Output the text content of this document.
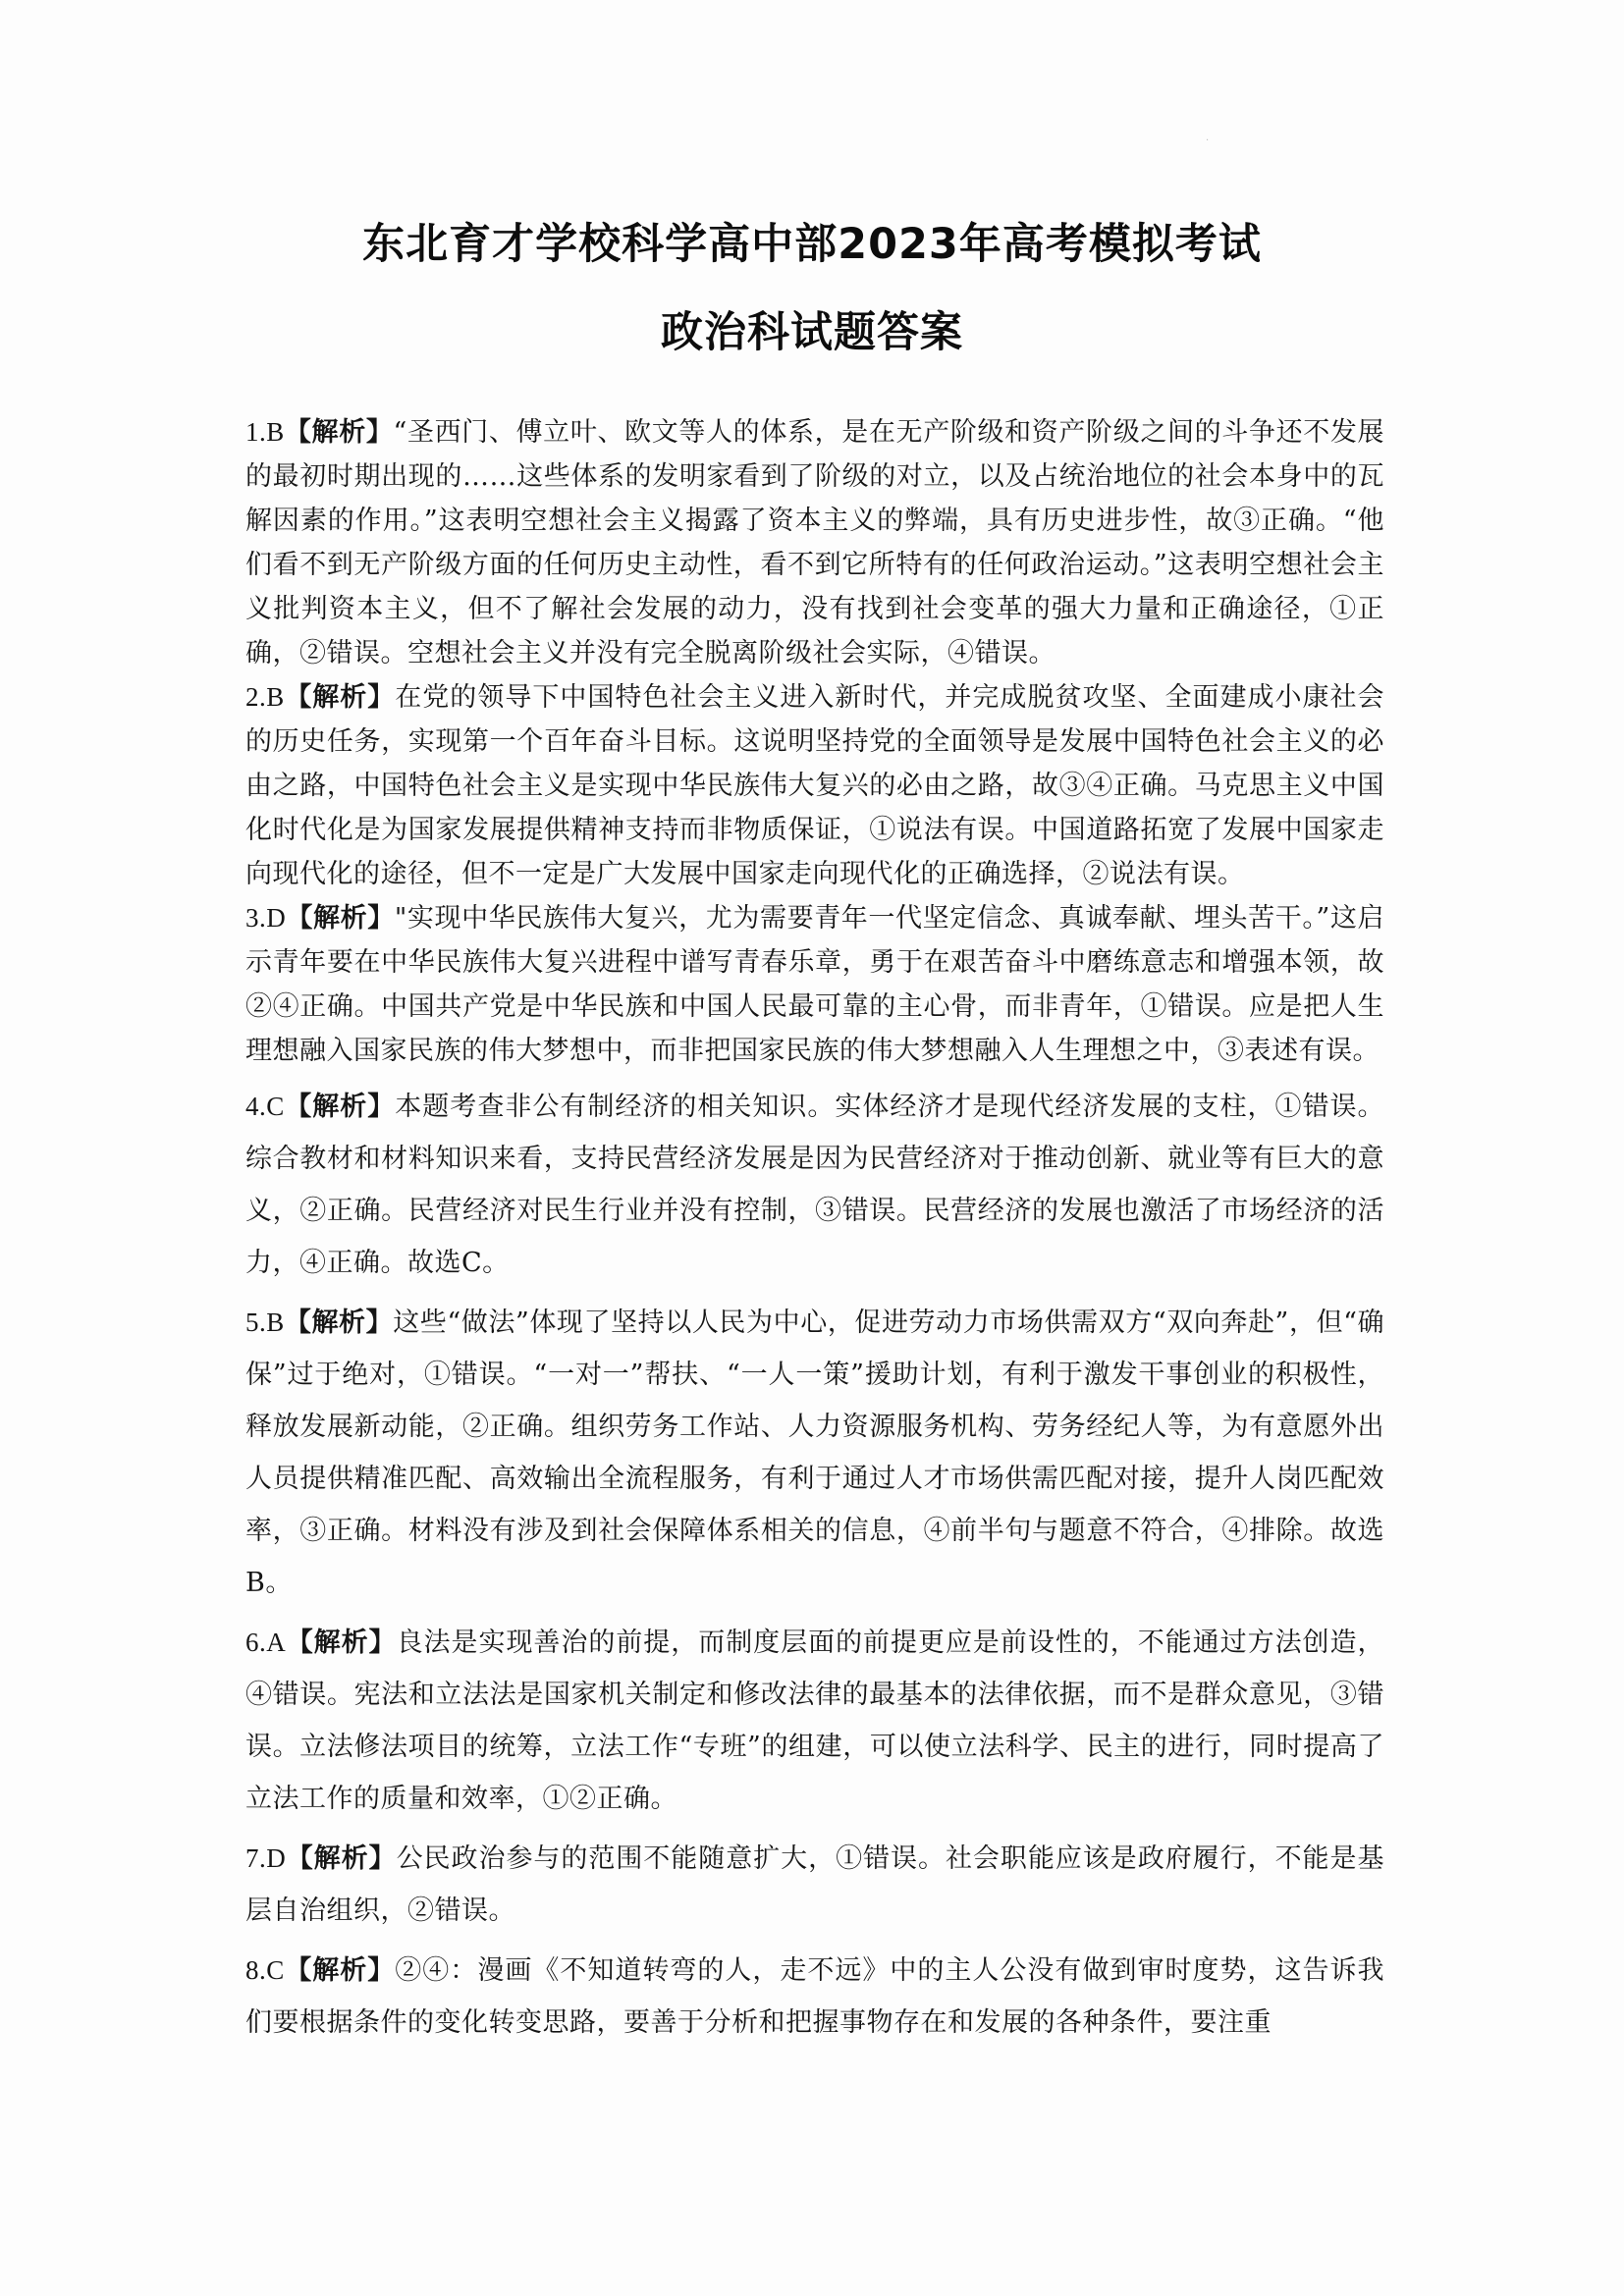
·
东北育才学校科学高中部2023年高考模拟考试
政治科试题答案

1.B【解析】“圣西门、傅立叶、欧文等人的体系，是在无产阶级和资产阶级之间的斗争还不发展的最初时期出现的……这些体系的发明家看到了阶级的对立，以及占统治地位的社会本身中的瓦解因素的作用。”这表明空想社会主义揭露了资本主义的弊端，具有历史进步性，故③正确。“他们看不到无产阶级方面的任何历史主动性，看不到它所特有的任何政治运动。”这表明空想社会主义批判资本主义，但不了解社会发展的动力，没有找到社会变革的强大力量和正确途径，①正确，②错误。空想社会主义并没有完全脱离阶级社会实际，④错误。

2.B【解析】在党的领导下中国特色社会主义进入新时代，并完成脱贫攻坚、全面建成小康社会的历史任务，实现第一个百年奋斗目标。这说明坚持党的全面领导是发展中国特色社会主义的必由之路，中国特色社会主义是实现中华民族伟大复兴的必由之路，故③④正确。马克思主义中国化时代化是为国家发展提供精神支持而非物质保证，①说法有误。中国道路拓宽了发展中国家走向现代化的途径，但不一定是广大发展中国家走向现代化的正确选择，②说法有误。

3.D【解析】"实现中华民族伟大复兴，尤为需要青年一代坚定信念、真诚奉献、埋头苦干。”这启示青年要在中华民族伟大复兴进程中谱写青春乐章，勇于在艰苦奋斗中磨练意志和增强本领，故②④正确。中国共产党是中华民族和中国人民最可靠的主心骨，而非青年，①错误。应是把人生理想融入国家民族的伟大梦想中，而非把国家民族的伟大梦想融入人生理想之中，③表述有误。

4.C【解析】本题考查非公有制经济的相关知识。实体经济才是现代经济发展的支柱，①错误。综合教材和材料知识来看，支持民营经济发展是因为民营经济对于推动创新、就业等有巨大的意义，②正确。民营经济对民生行业并没有控制，③错误。民营经济的发展也激活了市场经济的活力，④正确。故选C。

5.B【解析】这些“做法”体现了坚持以人民为中心，促进劳动力市场供需双方“双向奔赴”，但“确保”过于绝对，①错误。“一对一”帮扶、“一人一策”援助计划，有利于激发干事创业的积极性，释放发展新动能，②正确。组织劳务工作站、人力资源服务机构、劳务经纪人等，为有意愿外出人员提供精准匹配、高效输出全流程服务，有利于通过人才市场供需匹配对接，提升人岗匹配效率，③正确。材料没有涉及到社会保障体系相关的信息，④前半句与题意不符合，④排除。故选B。

6.A【解析】良法是实现善治的前提，而制度层面的前提更应是前设性的，不能通过方法创造，④错误。宪法和立法法是国家机关制定和修改法律的最基本的法律依据，而不是群众意见，③错误。立法修法项目的统筹，立法工作“专班”的组建，可以使立法科学、民主的进行，同时提高了立法工作的质量和效率，①②正确。

7.D【解析】公民政治参与的范围不能随意扩大，①错误。社会职能应该是政府履行，不能是基层自治组织，②错误。

8.C【解析】②④：漫画《不知道转弯的人，走不远》中的主人公没有做到审时度势，这告诉我们要根据条件的变化转变思路，要善于分析和把握事物存在和发展的各种条件，要注重
